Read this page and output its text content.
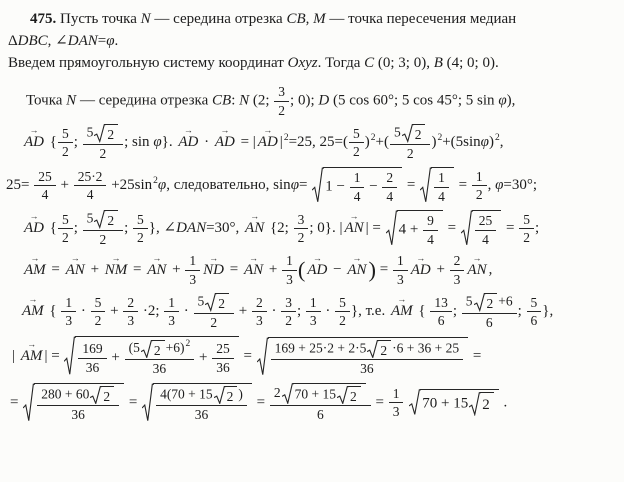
475. Пусть точка N — середина отрезка CB, M — точка пересечения медиан
ΔDBC, ∠DAN=φ.
Введем прямоугольную систему координат Oxyz. Тогда C (0; 3; 0), B (4; 0; 0).
Точка N — середина отрезка CB: N (2; $\frac{3}{2}$ ; 0); D (5 cos 60°; 5 cos 45°; 5 sin φ),
AD → { $\frac{5}{2}$ ; $\frac{5 2}{2}$ ; sin φ}. AD → · AD → = | AD → $|^2=25$, $25=( \frac{5}{2} )^2+( \frac{5 2}{2} )^2+(5\sin\varphi)^2$,
$25= \frac{25}{4} + \frac{25\cdot 2}{4} +25\sin^2\varphi$, следовательно, sinφ=
$1 - \frac{1}{4} - \frac{2}{4} = \frac{1}{4} = \frac{1}{2}$ , φ=30°;
AD → { $\frac{5}{2}$ ; $\frac{5 2}{2}$ ; $\frac{5}{2}$ }, ∠DAN=30°, AN → {2; $\frac{3}{2}$ ; 0}. | AN → | =
$4 + \frac{9}{4} = \frac{25}{4} = \frac{5}{2}$ ;
AM → = AN → + NM → = AN → + $\frac{1}{3}$ ND → = AN → + $\frac{1}{3}$ ( AD → − AN →) = $\frac{1}{3}$ AD → + $\frac{2}{3}$ AN → ,
AM → { $\frac{1}{3} \cdot \frac{5}{2} + \frac{2}{3} \cdot 2$; $\frac{1}{3} \cdot \frac{5 2}{2} + \frac{2}{3} \cdot \frac{3}{2}$ ; $\frac{1}{3} \cdot \frac{5}{2}$ }, т.е. AM → { $\frac{13}{6}$ ; $\frac{5 2 +6}{6}$ ; $\frac{5}{6}$ },
| AM → | = $\frac{169}{36} + \frac{(5 2 +6)^2}{36} + \frac{25}{36} = \frac{169 + 25\cdot 2 + 2\cdot 5 2 \cdot 6 + 36 + 25}{36}$ =
= $\frac{280 + 60 2}{36} = \frac{4(70 + 15 2 )}{36} = \frac{2 70 + 15 2}{6} = \frac{1}{3}$
70 + 15 2 .
